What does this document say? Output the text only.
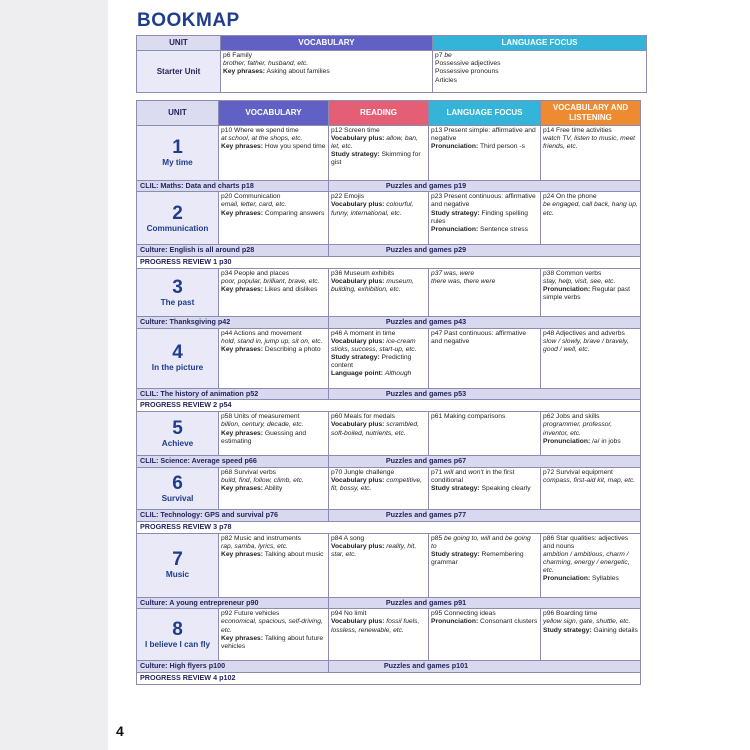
BOOKMAP
UNIT	VOCABULARY	LANGUAGE FOCUS
Starter Unit	p6 Family
brother, father, husband, etc.
Key phrases: Asking about families	p7 be
Possessive adjectives
Possessive pronouns
Articles
UNIT	VOCABULARY	READING	LANGUAGE FOCUS	VOCABULARY AND LISTENING

1
My time	p10 Where we spend time
at school, at the shops, etc.
Key phrases: How you spend time	p12 Screen time
Vocabulary plus: allow, ban, let, etc.
Study strategy: Skimming for gist	p13 Present simple: affirmative and negative
Pronunciation: Third person -s	p14 Free time activities
watch TV, listen to music, meet friends, etc.

CLIL: Maths: Data and charts p18		Puzzles and games p19		

2
Communication	p20 Communication
email, letter, card, etc.
Key phrases: Comparing answers	p22 Emojis
Vocabulary plus: colourful, funny, international, etc.	p23 Present continuous: affirmative and negative
Study strategy: Finding spelling rules
Pronunciation: Sentence stress	p24 On the phone
be engaged, call back, hang up, etc.

Culture: English is all around p28		Puzzles and games p29		
PROGRESS REVIEW 1 p30				

3
The past	p34 People and places
poor, popular, brilliant, brave, etc.
Key phrases: Likes and dislikes	p36 Museum exhibits
Vocabulary plus: museum, building, exhibition, etc.	p37 was, were
there was, there were	p38 Common verbs
stay, help, visit, see, etc.
Pronunciation: Regular past simple verbs

Culture: Thanksgiving p42		Puzzles and games p43		

4
In the picture	p44 Actions and movement
hold, stand in, jump up, sit on, etc.
Key phrases: Describing a photo	p46 A moment in time
Vocabulary plus: ice-cream sticks, success, start-up, etc.
Study strategy: Predicting content
Language point: Although	p47 Past continuous: affirmative and negative	p48 Adjectives and adverbs
slow / slowly, brave / bravely, good / well, etc.

CLIL: The history of animation p52		Puzzles and games p53		
PROGRESS REVIEW 2 p54				

5
Achieve	p58 Units of measurement
billion, century, decade, etc.
Key phrases: Guessing and estimating	p60 Meals for medals
Vocabulary plus: scrambled, soft-boiled, nutrients, etc.	p61 Making comparisons	p62 Jobs and skills
programmer, professor, inventor, etc.
Pronunciation: /ə/ in jobs

CLIL: Science: Average speed p66		Puzzles and games p67		

6
Survival	p68 Survival verbs
build, find, follow, climb, etc.
Key phrases: Ability	p70 Jungle challenge
Vocabulary plus: competitive, fit, bossy, etc.	p71 will and won't in the first conditional
Study strategy: Speaking clearly	p72 Survival equipment
compass, first-aid kit, map, etc.

CLIL: Technology: GPS and survival p76		Puzzles and games p77		
PROGRESS REVIEW 3 p78				

7
Music	p82 Music and instruments
rap, samba, lyrics, etc.
Key phrases: Talking about music	p84 A song
Vocabulary plus: reality, hit, star, etc.	p85 be going to, will and be going to
Study strategy: Remembering grammar	p86 Star qualities: adjectives and nouns
ambition / ambitious, charm / charming, energy / energetic, etc.
Pronunciation: Syllables

Culture: A young entrepreneur p90		Puzzles and games p91		

8
I believe I can fly	p92 Future vehicles
economical, spacious, self-driving, etc.
Key phrases: Talking about future vehicles	p94 No limit
Vocabulary plus: fossil fuels, lossless, renewable, etc.	p95 Connecting ideas
Pronunciation: Consonant clusters	p96 Boarding time
yellow sign, gate, shuttle, etc.
Study strategy: Gaining details

Culture: High flyers p100		Puzzles and games p101		
PROGRESS REVIEW 4 p102				
4
